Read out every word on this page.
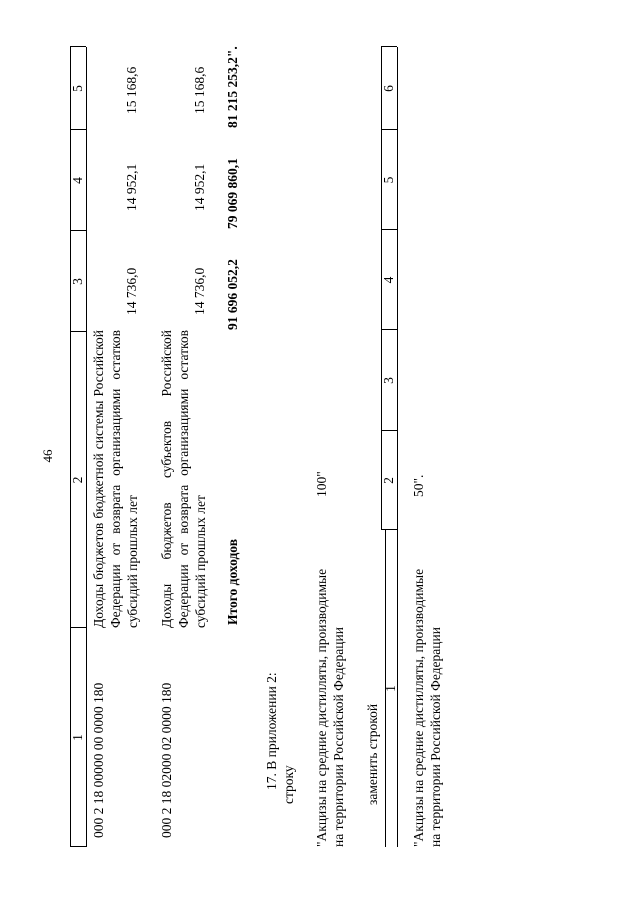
46
1
2
3
4
5
000 2 18 00000 00 0000 180
Доходы бюджетов бюджетной системы Российской Федерации от возврата организациями остатков субсидий прошлых лет
14 736,0
14 952,1
15 168,6
000 2 18 02000 02 0000 180
Доходы бюджетов субъектов Российской Федерации от возврата организациями остатков субсидий прошлых лет
14 736,0
14 952,1
15 168,6
Итого доходов
91 696 052,2
79 069 860,1
81 215 253,2".
17. В приложении 2: строку "Акцизы на средние дистилляты, производимые на территории Российской Федерации
100"
заменить строкой
1
2
3
4
5
6
"Акцизы на средние дистилляты, производимые на территории Российской Федерации
50".
